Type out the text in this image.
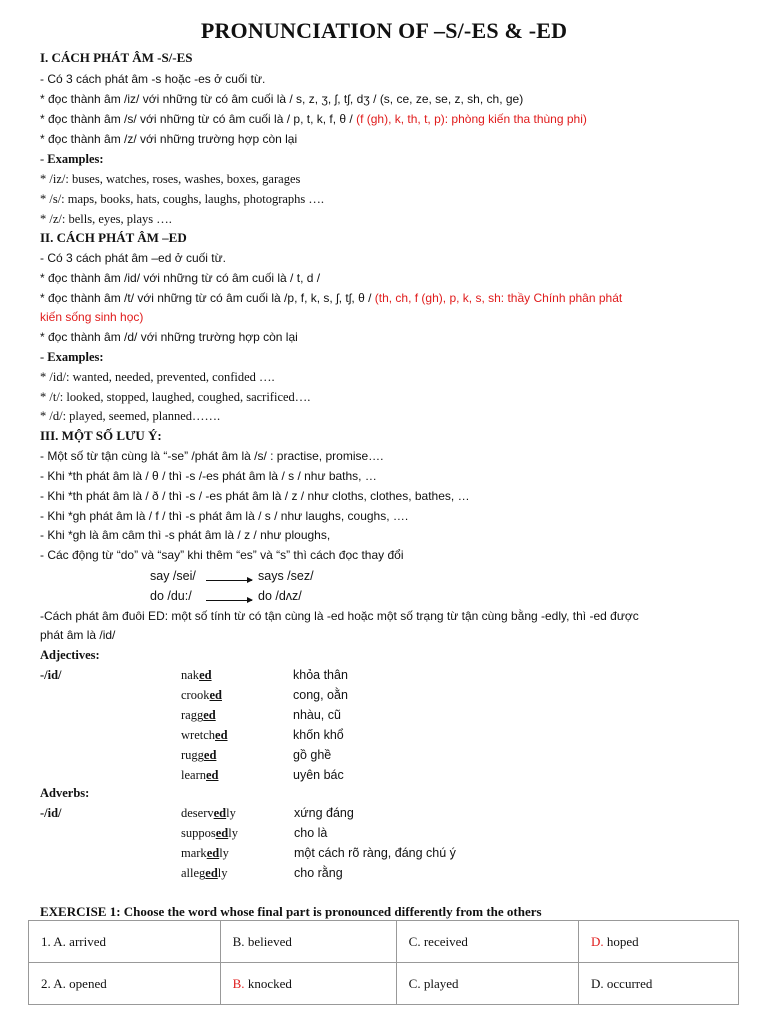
PRONUNCIATION OF –S/-ES & -ED
I. CÁCH PHÁT ÂM -S/-ES
- Có 3 cách phát âm -s hoặc -es ở cuối từ.
* đọc thành âm /iz/ với những từ có âm cuối là / s, z, ʒ, ʃ, tʃ, dʒ / (s, ce, ze, se, z, sh, ch, ge)
* đọc thành âm /s/ với những từ có âm cuối là / p, t, k, f, θ / (f (gh), k, th, t, p): phòng kiến tha thùng phi)
* đọc thành âm /z/ với những trường hợp còn lại
- Examples:
* /iz/: buses, watches, roses, washes, boxes, garages
* /s/: maps, books, hats, coughs, laughs, photographs ….
* /z/: bells, eyes, plays ….
II. CÁCH PHÁT ÂM –ED
- Có 3 cách phát âm –ed ở cuối từ.
* đọc thành âm /id/ với những từ có âm cuối là / t, d /
* đọc thành âm /t/ với những từ có âm cuối là /p, f, k, s, ʃ, tʃ, θ / (th, ch, f (gh), p, k, s, sh: thầy Chính phân phát
kiến sống sinh học)
* đọc thành âm /d/ với những trường hợp còn lại
- Examples:
* /id/: wanted, needed, prevented, confided ….
* /t/: looked, stopped, laughed, coughed, sacrificed….
* /d/: played, seemed, planned…….
III. MỘT SỐ LƯU Ý:
- Một số từ tận cùng là “-se” /phát âm là /s/ : practise, promise….
- Khi *th phát âm là / θ / thì -s /-es phát âm là / s / như baths, …
- Khi *th phát âm là / ð / thì -s / -es phát âm là / z / như cloths, clothes, bathes, …
- Khi *gh phát âm là / f / thì -s phát âm là / s / như laughs, coughs, ….
- Khi *gh là âm câm thì -s phát âm là / z / như ploughs,
- Các động từ “do” và “say” khi thêm “es” và “s” thì cách đọc thay đổi
say /sei/	says /sez/
do /du:/	do /dʌz/
-Cách phát âm đuôi ED: một số tính từ có tận cùng là -ed hoặc một số trạng từ tận cùng bằng -edly, thì -ed được
phát âm là /id/
Adjectives:
-/id/	naked	khỏa thân
crooked	cong, oằn
ragged	nhàu, cũ
wretched	khốn khổ
rugged	gồ ghề
learned	uyên bác
Adverbs:
-/id/	deservedly	xứng đáng
supposedly	cho là
markedly	một cách rõ ràng, đáng chú ý
allegedly	cho rằng
EXERCISE 1: Choose the word whose final part is pronounced differently from the others
1. A. arrived	B. believed	C. received	D. hoped
2. A. opened	B. knocked	C. played	D. occurred
